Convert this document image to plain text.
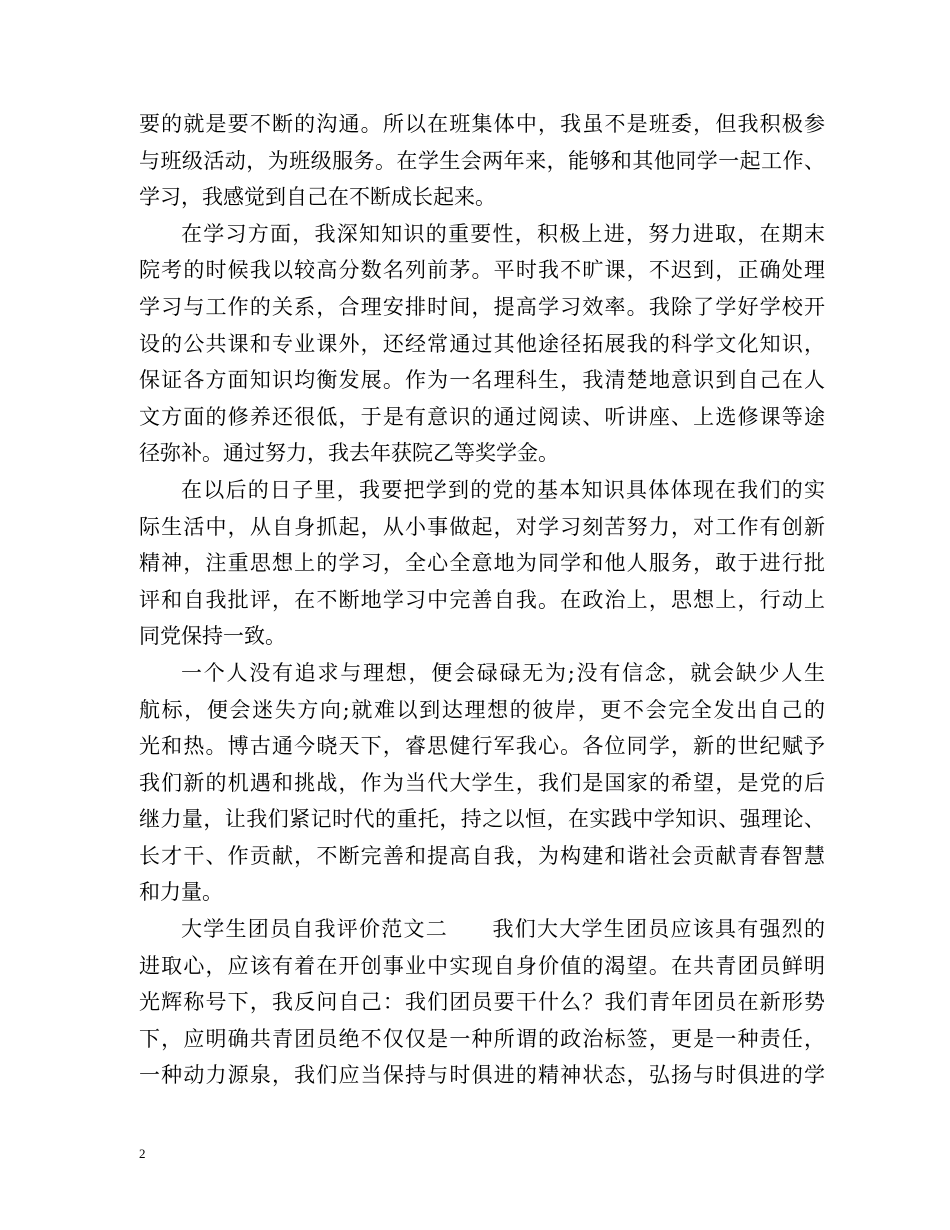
要的就是要不断的沟通。所以在班集体中，我虽不是班委，但我积极参
与班级活动，为班级服务。在学生会两年来，能够和其他同学一起工作、
学习，我感觉到自己在不断成长起来。
在学习方面，我深知知识的重要性，积极上进，努力进取，在期末
院考的时候我以较高分数名列前茅。平时我不旷课，不迟到，正确处理
学习与工作的关系，合理安排时间，提高学习效率。我除了学好学校开
设的公共课和专业课外，还经常通过其他途径拓展我的科学文化知识，
保证各方面知识均衡发展。作为一名理科生，我清楚地意识到自己在人
文方面的修养还很低，于是有意识的通过阅读、听讲座、上选修课等途
径弥补。通过努力，我去年获院乙等奖学金。
在以后的日子里，我要把学到的党的基本知识具体体现在我们的实
际生活中，从自身抓起，从小事做起，对学习刻苦努力，对工作有创新
精神，注重思想上的学习，全心全意地为同学和他人服务，敢于进行批
评和自我批评，在不断地学习中完善自我。在政治上，思想上，行动上
同党保持一致。
一个人没有追求与理想，便会碌碌无为;没有信念，就会缺少人生
航标，便会迷失方向;就难以到达理想的彼岸，更不会完全发出自己的
光和热。博古通今晓天下，睿思健行军我心。各位同学，新的世纪赋予
我们新的机遇和挑战，作为当代大学生，我们是国家的希望，是党的后
继力量，让我们紧记时代的重托，持之以恒，在实践中学知识、强理论、
长才干、作贡献，不断完善和提高自我，为构建和谐社会贡献青春智慧
和力量。
大学生团员自我评价范文二　　我们大大学生团员应该具有强烈的
进取心，应该有着在开创事业中实现自身价值的渴望。在共青团员鲜明
光辉称号下，我反问自己：我们团员要干什么？我们青年团员在新形势
下，应明确共青团员绝不仅仅是一种所谓的政治标签，更是一种责任，
一种动力源泉，我们应当保持与时俱进的精神状态，弘扬与时俱进的学
2
